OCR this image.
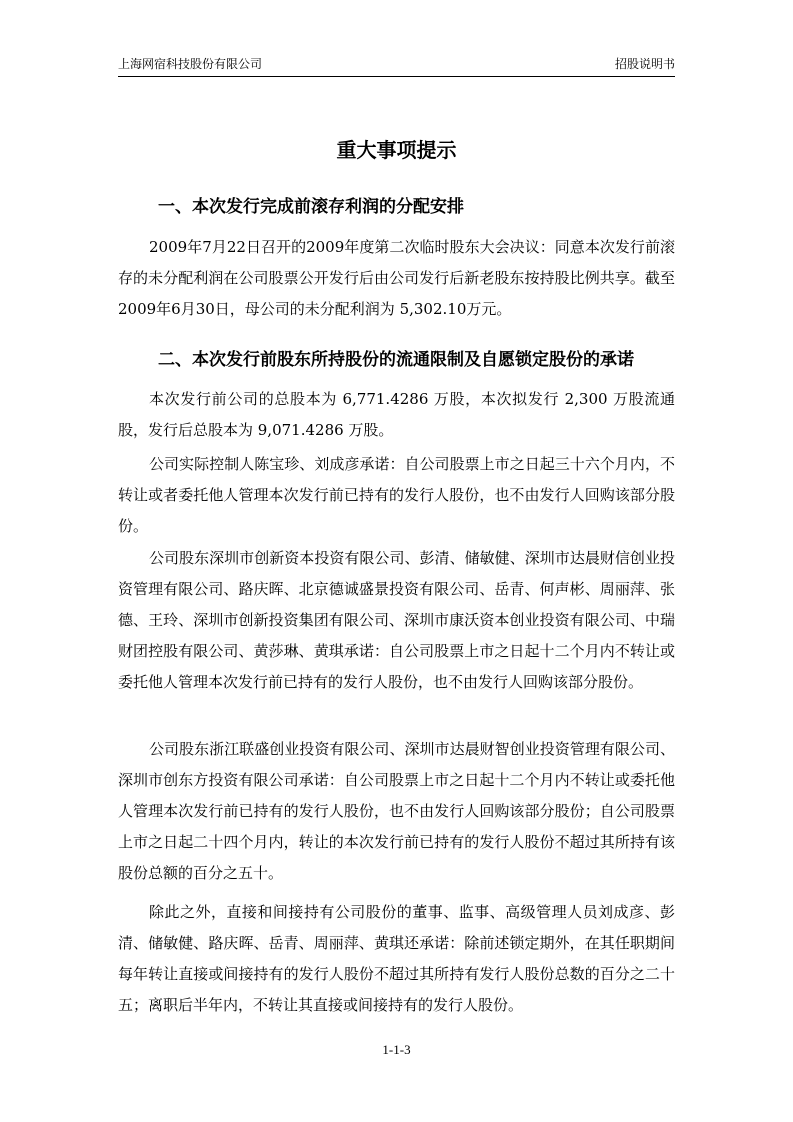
上海网宿科技股份有限公司	招股说明书
重大事项提示
一、本次发行完成前滚存利润的分配安排

2009年7月22日召开的2009年度第二次临时股东大会决议：同意本次发行前滚存的未分配利润在公司股票公开发行后由公司发行后新老股东按持股比例共享。截至2009年6月30日，母公司的未分配利润为 5,302.10万元。

二、本次发行前股东所持股份的流通限制及自愿锁定股份的承诺

本次发行前公司的总股本为 6,771.4286 万股，本次拟发行 2,300 万股流通股，发行后总股本为 9,071.4286 万股。

公司实际控制人陈宝珍、刘成彦承诺：自公司股票上市之日起三十六个月内，不转让或者委托他人管理本次发行前已持有的发行人股份，也不由发行人回购该部分股份。

公司股东深圳市创新资本投资有限公司、彭清、储敏健、深圳市达晨财信创业投资管理有限公司、路庆晖、北京德诚盛景投资有限公司、岳青、何声彬、周丽萍、张德、王玲、深圳市创新投资集团有限公司、深圳市康沃资本创业投资有限公司、中瑞财团控股有限公司、黄莎琳、黄琪承诺：自公司股票上市之日起十二个月内不转让或委托他人管理本次发行前已持有的发行人股份，也不由发行人回购该部分股份。

公司股东浙江联盛创业投资有限公司、深圳市达晨财智创业投资管理有限公司、深圳市创东方投资有限公司承诺：自公司股票上市之日起十二个月内不转让或委托他人管理本次发行前已持有的发行人股份，也不由发行人回购该部分股份；自公司股票上市之日起二十四个月内，转让的本次发行前已持有的发行人股份不超过其所持有该股份总额的百分之五十。

除此之外，直接和间接持有公司股份的董事、监事、高级管理人员刘成彦、彭清、储敏健、路庆晖、岳青、周丽萍、黄琪还承诺：除前述锁定期外，在其任职期间每年转让直接或间接持有的发行人股份不超过其所持有发行人股份总数的百分之二十五；离职后半年内，不转让其直接或间接持有的发行人股份。

1-1-3
